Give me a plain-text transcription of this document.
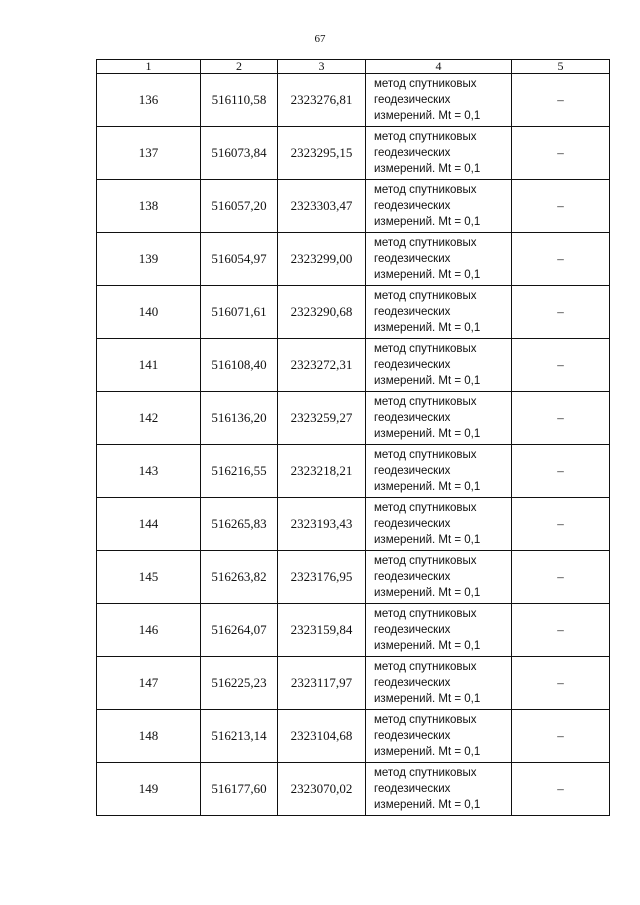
67
1	2	3	4	5
136	516110,58	2323276,81	метод спутниковых
геодезических
измерений. Mt = 0,1	–
137	516073,84	2323295,15	метод спутниковых
геодезических
измерений. Mt = 0,1	–
138	516057,20	2323303,47	метод спутниковых
геодезических
измерений. Mt = 0,1	–
139	516054,97	2323299,00	метод спутниковых
геодезических
измерений. Mt = 0,1	–
140	516071,61	2323290,68	метод спутниковых
геодезических
измерений. Mt = 0,1	–
141	516108,40	2323272,31	метод спутниковых
геодезических
измерений. Mt = 0,1	–
142	516136,20	2323259,27	метод спутниковых
геодезических
измерений. Mt = 0,1	–
143	516216,55	2323218,21	метод спутниковых
геодезических
измерений. Mt = 0,1	–
144	516265,83	2323193,43	метод спутниковых
геодезических
измерений. Mt = 0,1	–
145	516263,82	2323176,95	метод спутниковых
геодезических
измерений. Mt = 0,1	–
146	516264,07	2323159,84	метод спутниковых
геодезических
измерений. Mt = 0,1	–
147	516225,23	2323117,97	метод спутниковых
геодезических
измерений. Mt = 0,1	–
148	516213,14	2323104,68	метод спутниковых
геодезических
измерений. Mt = 0,1	–
149	516177,60	2323070,02	метод спутниковых
геодезических
измерений. Mt = 0,1	–
